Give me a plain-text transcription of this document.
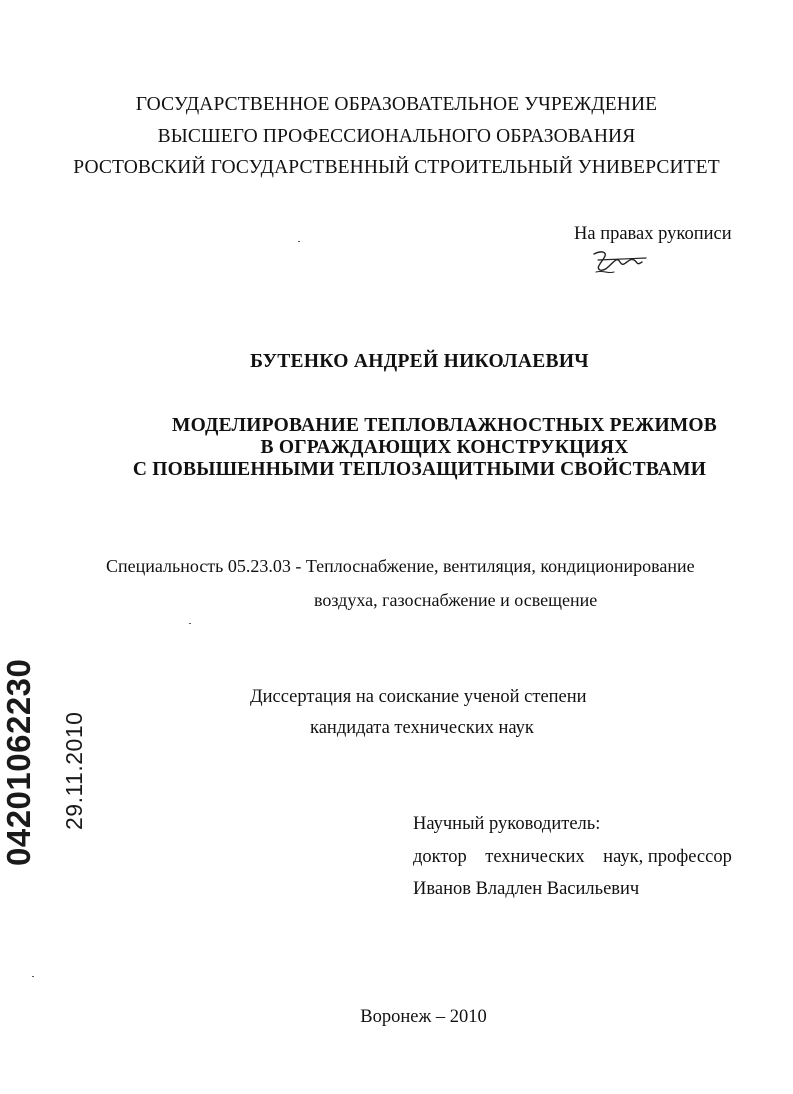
ГОСУДАРСТВЕННОЕ ОБРАЗОВАТЕЛЬНОЕ УЧРЕЖДЕНИЕ
ВЫСШЕГО ПРОФЕССИОНАЛЬНОГО ОБРАЗОВАНИЯ
РОСТОВСКИЙ ГОСУДАРСТВЕННЫЙ СТРОИТЕЛЬНЫЙ УНИВЕРСИТЕТ
На правах рукописи
БУТЕНКО АНДРЕЙ НИКОЛАЕВИЧ
МОДЕЛИРОВАНИЕ ТЕПЛОВЛАЖНОСТНЫХ РЕЖИМОВ
В ОГРАЖДАЮЩИХ КОНСТРУКЦИЯХ
С ПОВЫШЕННЫМИ ТЕПЛОЗАЩИТНЫМИ СВОЙСТВАМИ
Специальность 05.23.03 - Теплоснабжение, вентиляция, кондиционирование
воздуха, газоснабжение и освещение
Диссертация на соискание ученой степени
кандидата технических наук
Научный руководитель:
доктор    технических    наук, профессор
Иванов Владлен Васильевич
Воронеж – 2010
04201062230 29.11.2010
